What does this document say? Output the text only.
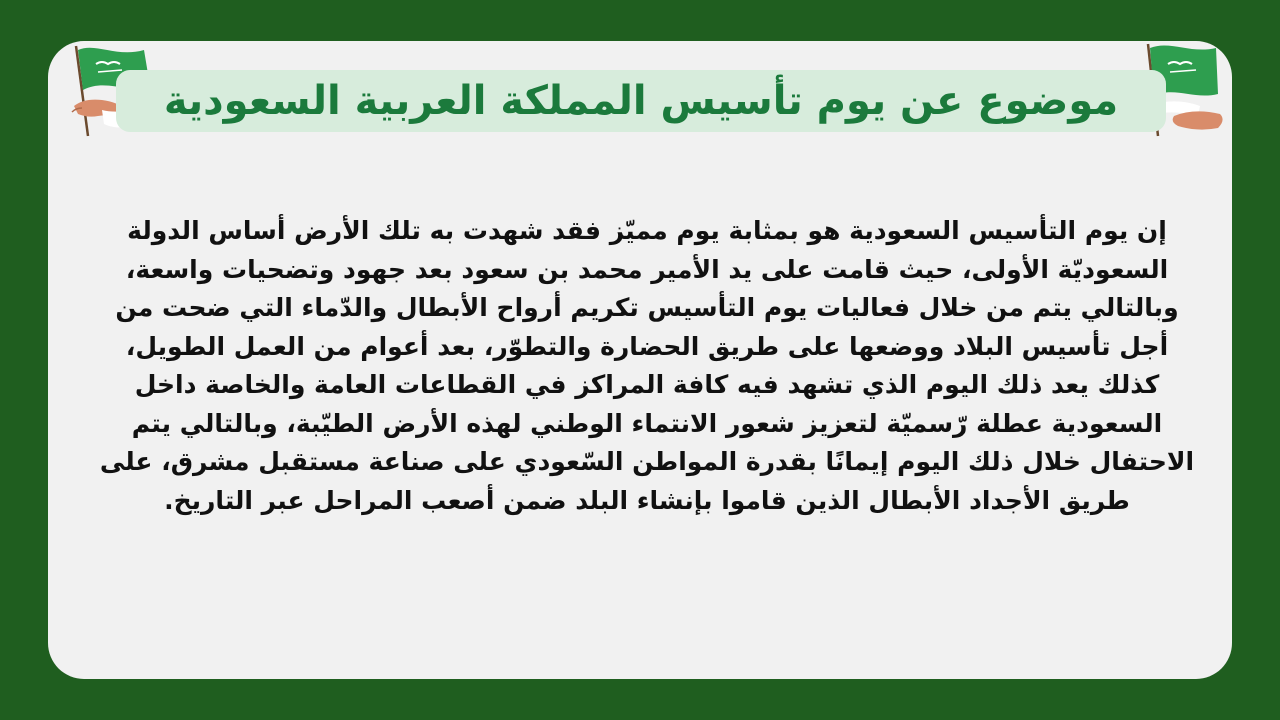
موضوع عن يوم تأسيس المملكة العربية السعودية

إن يوم التأسيس السعودية هو بمثابة يوم مميّز فقد شهدت به تلك الأرض أساس الدولة السعوديّة الأولى، حيث قامت على يد الأمير محمد بن سعود بعد جهود وتضحيات واسعة، وبالتالي يتم من خلال فعاليات يوم التأسيس تكريم أرواح الأبطال والدّماء التي ضحت من أجل تأسيس البلاد ووضعها على طريق الحضارة والتطوّر، بعد أعوام من العمل الطويل، كذلك يعد ذلك اليوم الذي تشهد فيه كافة المراكز في القطاعات العامة والخاصة داخل السعودية عطلة رّسميّة لتعزيز شعور الانتماء الوطني لهذه الأرض الطيّبة، وبالتالي يتم الاحتفال خلال ذلك اليوم إيمانًا بقدرة المواطن السّعودي على صناعة مستقبل مشرق، على طريق الأجداد الأبطال الذين قاموا بإنشاء البلد ضمن أصعب المراحل عبر التاريخ.
